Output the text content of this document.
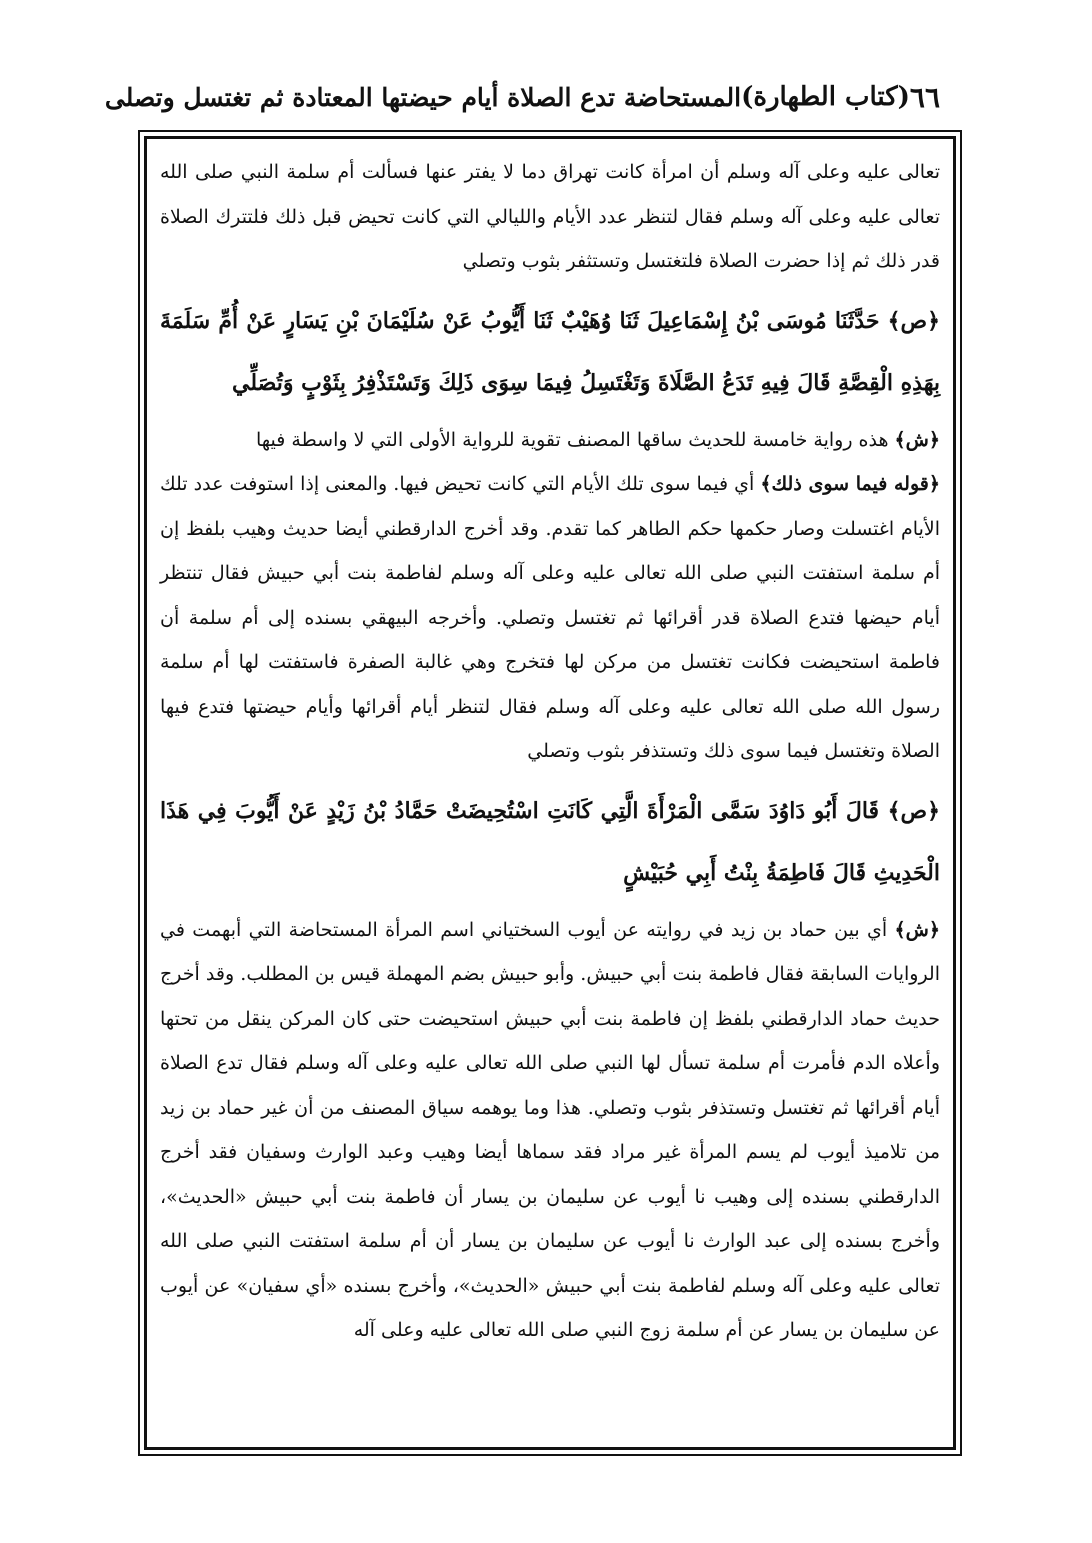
٦٦
(كتاب الطهارة)
المستحاضة تدع الصلاة أيام حيضتها المعتادة ثم تغتسل وتصلى

تعالى عليه وعلى آله وسلم أن امرأة كانت تهراق دما لا يفتر عنها فسألت أم سلمة النبي صلى الله تعالى عليه وعلى آله وسلم فقال لتنظر عدد الأيام والليالي التي كانت تحيض قبل ذلك فلتترك الصلاة قدر ذلك ثم إذا حضرت الصلاة فلتغتسل وتستثفر بثوب وتصلي

﴿ص﴾ حَدَّثَنَا مُوسَى بْنُ إِسْمَاعِيلَ ثَنَا وُهَيْبٌ ثَنَا أَيُّوبُ عَنْ سُلَيْمَانَ بْنِ يَسَارٍ عَنْ أُمِّ سَلَمَةَ بِهَذِهِ الْقِصَّةِ قَالَ فِيهِ تَدَعُ الصَّلَاةَ وَتَغْتَسِلُ فِيمَا سِوَى ذَلِكَ وَتَسْتَذْفِرُ بِثَوْبٍ وَتُصَلِّي

﴿ش﴾ هذه رواية خامسة للحديث ساقها المصنف تقوية للرواية الأولى التي لا واسطة فيها

﴿قوله فيما سوى ذلك﴾ أي فيما سوى تلك الأيام التي كانت تحيض فيها. والمعنى إذا استوفت عدد تلك الأيام اغتسلت وصار حكمها حكم الطاهر كما تقدم. وقد أخرج الدارقطني أيضا حديث وهيب بلفظ إن أم سلمة استفتت النبي صلى الله تعالى عليه وعلى آله وسلم لفاطمة بنت أبي حبيش فقال تنتظر أيام حيضها فتدع الصلاة قدر أقرائها ثم تغتسل وتصلي. وأخرجه البيهقي بسنده إلى أم سلمة أن فاطمة استحيضت فكانت تغتسل من مركن لها فتخرج وهي غالبة الصفرة فاستفتت لها أم سلمة رسول الله صلى الله تعالى عليه وعلى آله وسلم فقال لتنظر أيام أقرائها وأيام حيضتها فتدع فيها الصلاة وتغتسل فيما سوى ذلك وتستذفر بثوب وتصلي

﴿ص﴾ قَالَ أَبُو دَاوُدَ سَمَّى الْمَرْأَةَ الَّتِي كَانَتِ اسْتُحِيضَتْ حَمَّادُ بْنُ زَيْدٍ عَنْ أَيُّوبَ فِي هَذَا الْحَدِيثِ قَالَ فَاطِمَةُ بِنْتُ أَبِي حُبَيْشٍ

﴿ش﴾ أي بين حماد بن زيد في روايته عن أيوب السختياني اسم المرأة المستحاضة التي أبهمت في الروايات السابقة فقال فاطمة بنت أبي حبيش. وأبو حبيش بضم المهملة قيس بن المطلب. وقد أخرج حديث حماد الدارقطني بلفظ إن فاطمة بنت أبي حبيش استحيضت حتى كان المركن ينقل من تحتها وأعلاه الدم فأمرت أم سلمة تسأل لها النبي صلى الله تعالى عليه وعلى آله وسلم فقال تدع الصلاة أيام أقرائها ثم تغتسل وتستذفر بثوب وتصلي. هذا وما يوهمه سياق المصنف من أن غير حماد بن زيد من تلاميذ أيوب لم يسم المرأة غير مراد فقد سماها أيضا وهيب وعبد الوارث وسفيان فقد أخرج الدارقطني بسنده إلى وهيب نا أيوب عن سليمان بن يسار أن فاطمة بنت أبي حبيش «الحديث»، وأخرج بسنده إلى عبد الوارث نا أيوب عن سليمان بن يسار أن أم سلمة استفتت النبي صلى الله تعالى عليه وعلى آله وسلم لفاطمة بنت أبي حبيش «الحديث»، وأخرج بسنده «أي سفيان» عن أيوب عن سليمان بن يسار عن أم سلمة زوج النبي صلى الله تعالى عليه وعلى آله
